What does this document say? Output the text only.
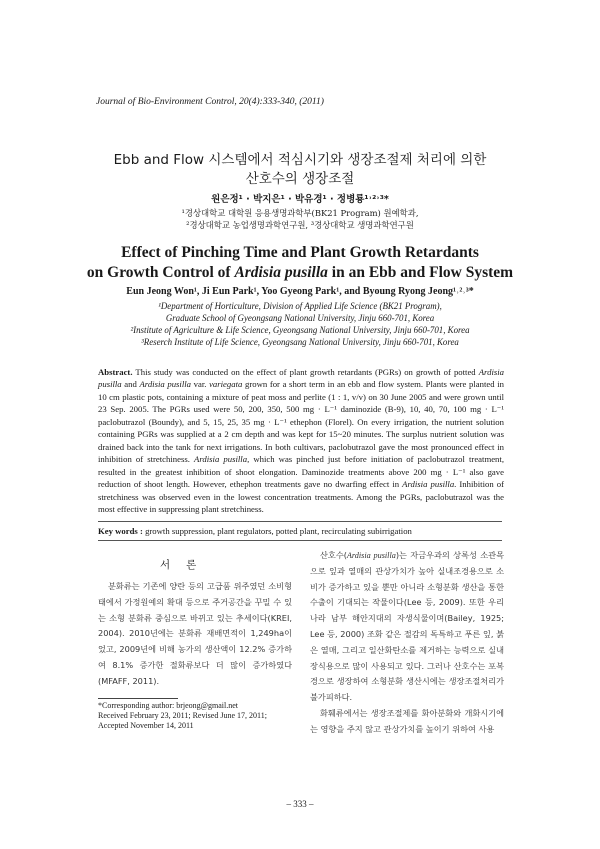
Journal of Bio-Environment Control, 20(4):333-340, (2011)
Ebb and Flow 시스템에서 적심시기와 생장조절제 처리에 의한
산호수의 생장조절
원은정¹ · 박지은¹ · 박유경¹ · 정병룡¹˒²˒³*
¹경상대학교 대학원 응용생명과학부(BK21 Program) 원예학과,
²경상대학교 농업생명과학연구원, ³경상대학교 생명과학연구원
Effect of Pinching Time and Plant Growth Retardants
on Growth Control of Ardisia pusilla in an Ebb and Flow System
Eun Jeong Won¹, Ji Eun Park¹, Yoo Gyeong Park¹, and Byoung Ryong Jeong¹˒²˒³*
¹Department of Horticulture, Division of Applied Life Science (BK21 Program),
Graduate School of Gyeongsang National University, Jinju 660-701, Korea
²Institute of Agriculture & Life Science, Gyeongsang National University, Jinju 660-701, Korea
³Reserch Institute of Life Science, Gyeongsang National University, Jinju 660-701, Korea

Abstract. This study was conducted on the effect of plant growth retardants (PGRs) on growth of potted Ardisia pusilla and Ardisia pusilla var. variegata grown for a short term in an ebb and flow system. Plants were planted in 10 cm plastic pots, containing a mixture of peat moss and perlite (1 : 1, v/v) on 30 June 2005 and were grown until 23 Sep. 2005. The PGRs used were 50, 200, 350, 500 mg · L⁻¹ daminozide (B-9), 10, 40, 70, 100 mg · L⁻¹ paclobutrazol (Boundy), and 5, 15, 25, 35 mg · L⁻¹ ethephon (Florel). On every irrigation, the nutrient solution containing PGRs was supplied at a 2 cm depth and was kept for 15~20 minutes. The surplus nutrient solution was drained back into the tank for next irrigations. In both cultivars, paclobutrazol gave the most pronounced effect in inhibition of stretchiness. Ardisia pusilla, which was pinched just before initiation of paclobutrazol treatment, resulted in the greatest inhibition of shoot elongation. Daminozide treatments above 200 mg · L⁻¹ also gave reduction of shoot length. However, ethephon treatments gave no dwarfing effect in Ardisia pusilla. Inhibition of stretchiness was observed even in the lowest concentration treatments. Among the PGRs, paclobutrazol was the most effective in suppressing plant stretchiness.

Key words : growth suppression, plant regulators, potted plant, recirculating subirrigation
서론

분화류는 기존에 양란 등의 고급품 위주였던 소비형태에서 가정원예의 확대 등으로 주거공간을 꾸밀 수 있는 소형 분화류 중심으로 바뀌고 있는 추세이다(KREI, 2004). 2010년에는 분화류 재배면적이 1,249ha이었고, 2009년에 비해 농가의 생산액이 12.2% 증가하여 8.1% 증가한 절화류보다 더 많이 증가하였다(MFAFF, 2011).

*Corresponding author: brjeong@gmail.net
Received February 23, 2011; Revised June 17, 2011;
Accepted November 14, 2011

산호수(Ardisia pusilla)는 자금우과의 상록성 소관목으로 잎과 열매의 관상가치가 높아 실내조경용으로 소비가 증가하고 있을 뿐만 아니라 소형분화 생산을 통한 수출이 기대되는 작물이다(Lee 등, 2009). 또한 우리나라 남부 해안지대의 자생식물이며(Bailey, 1925; Lee 등, 2000) 조화 같은 절감의 독특하고 푸른 잎, 붉은 열매, 그리고 일산화탄소를 제거하는 능력으로 실내 장식용으로 많이 사용되고 있다. 그러나 산호수는 포복경으로 생장하여 소형분화 생산시에는 생장조절처리가 불가피하다.

화훼류에서는 생장조절제를 화아분화와 개화시기에는 영향을 주지 않고 관상가치를 높이기 위하여 사용

– 333 –
